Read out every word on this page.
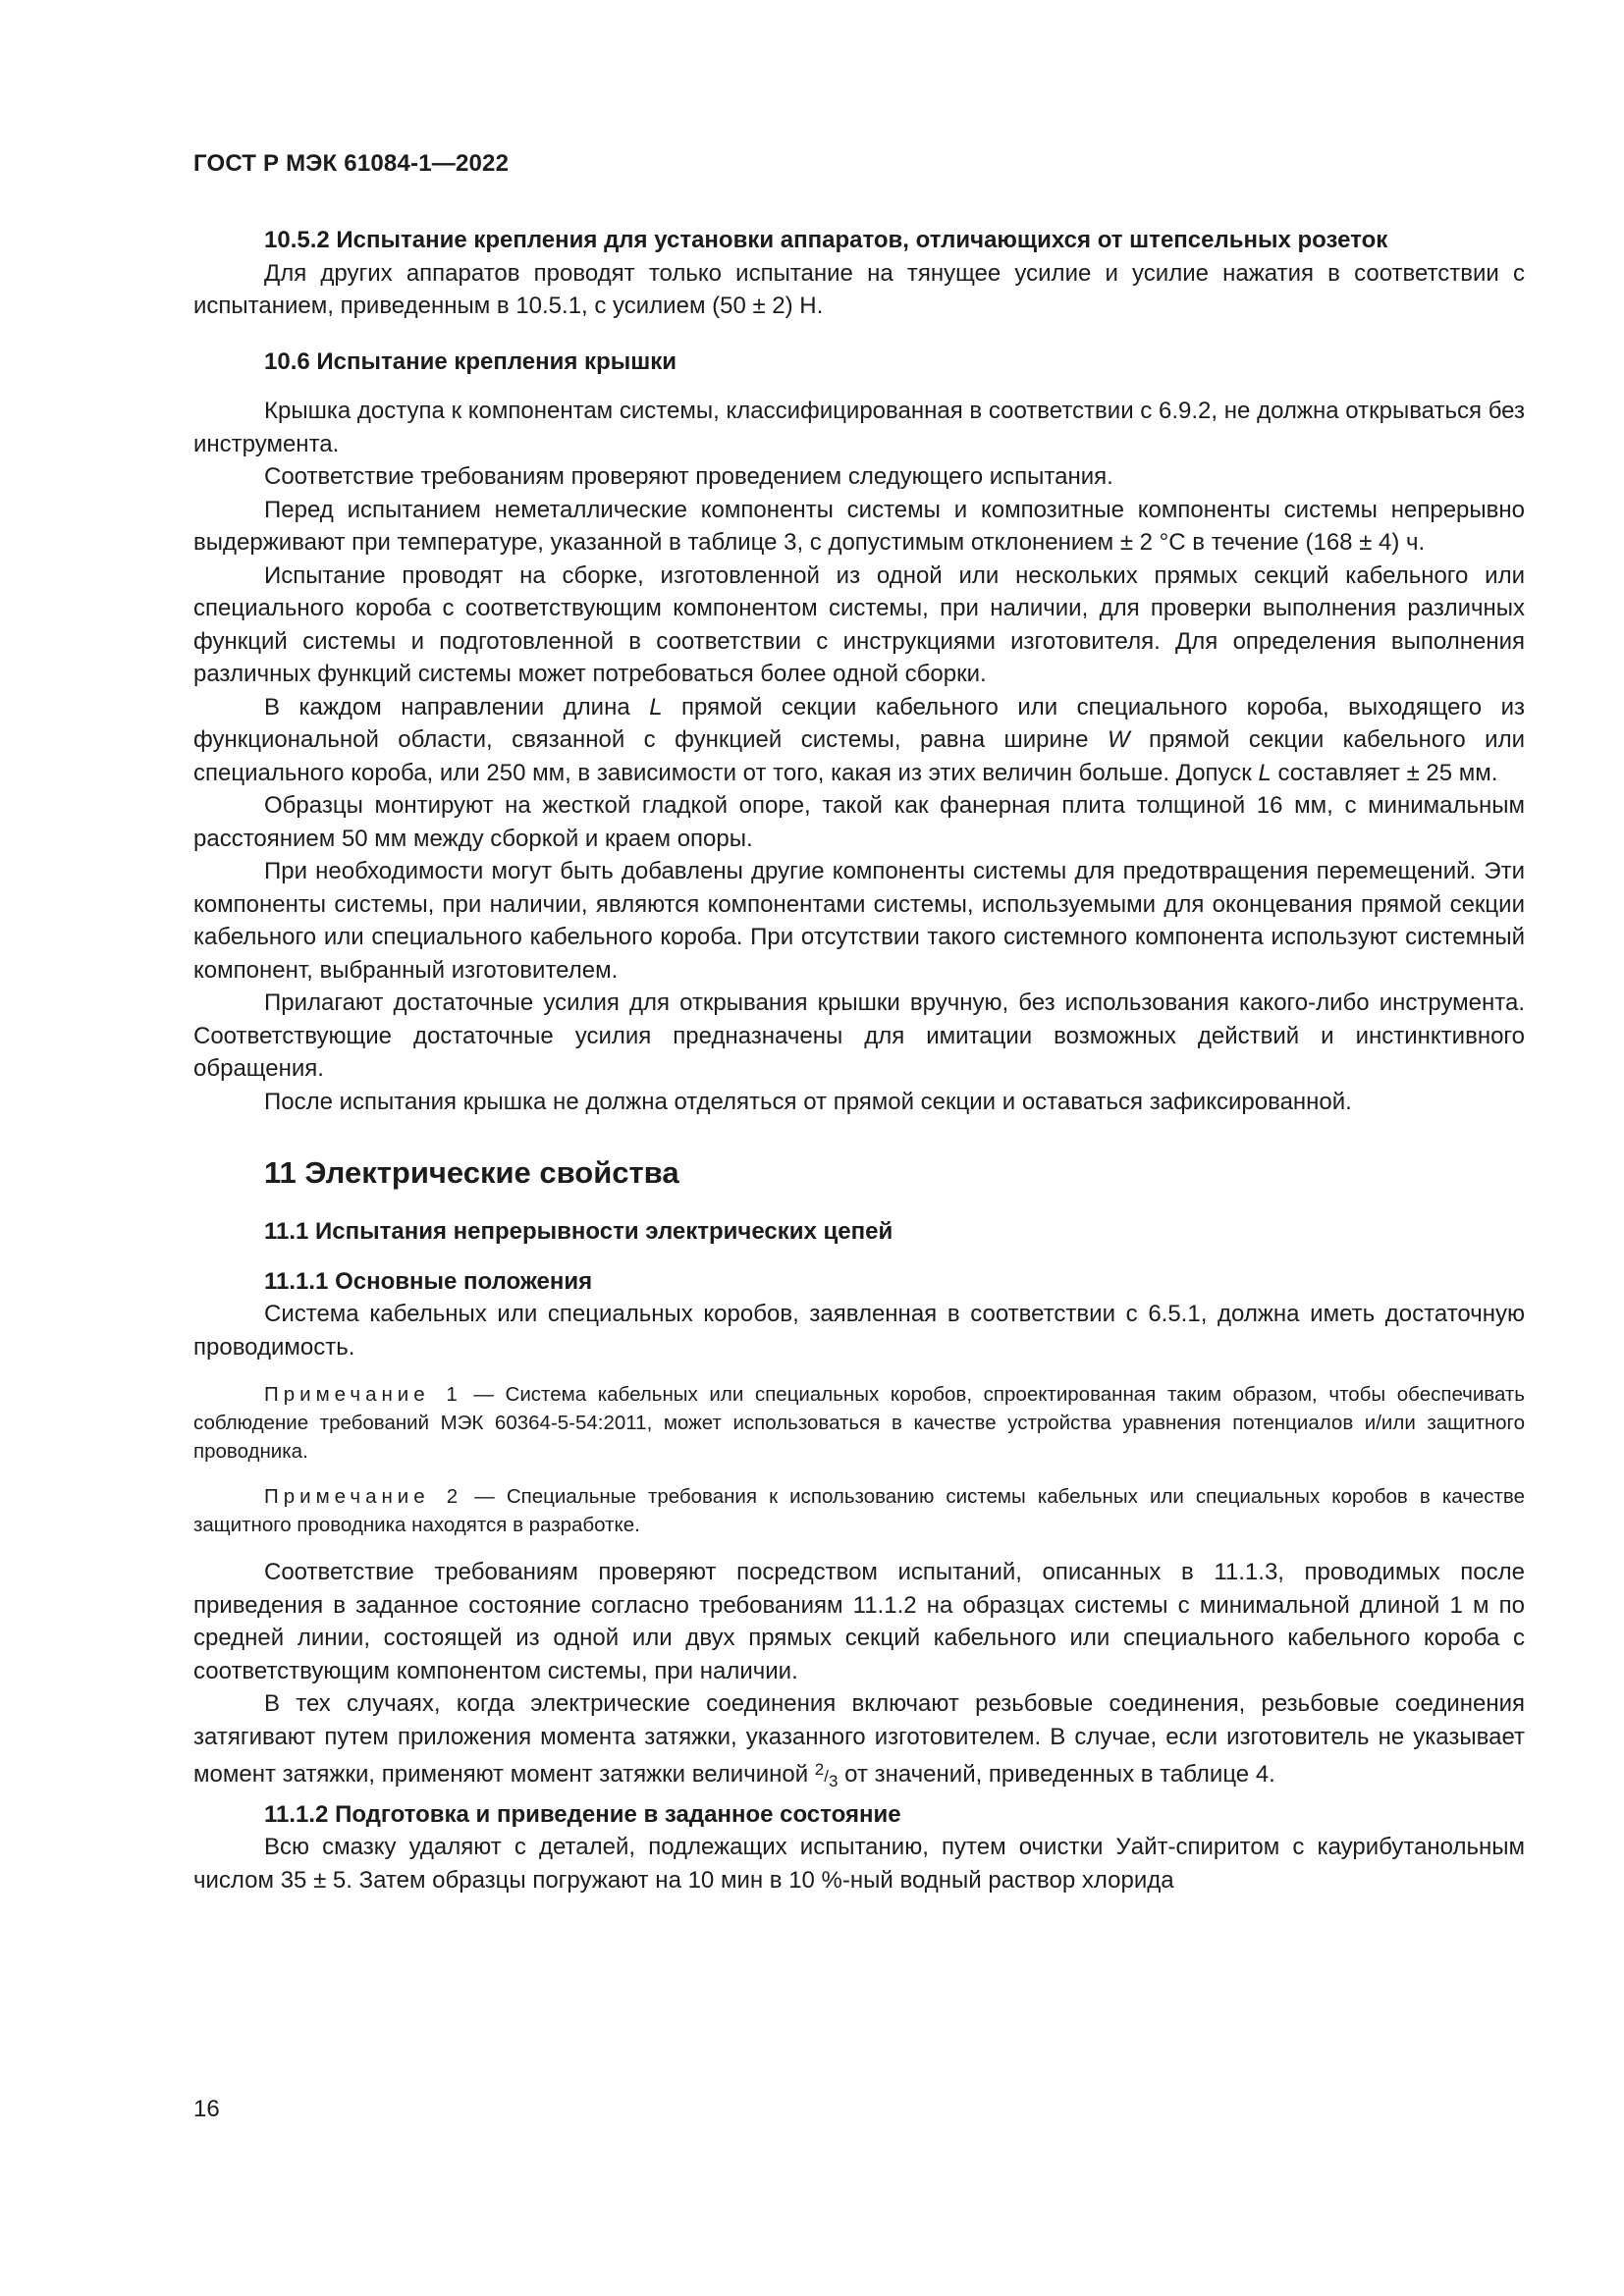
ГОСТ Р МЭК 61084-1—2022
10.5.2 Испытание крепления для установки аппаратов, отличающихся от штепсельных розеток

Для других аппаратов проводят только испытание на тянущее усилие и усилие нажатия в соответствии с испытанием, приведенным в 10.5.1, с усилием (50 ± 2) Н.

10.6 Испытание крепления крышки

Крышка доступа к компонентам системы, классифицированная в соответствии с 6.9.2, не должна открываться без инструмента.

Соответствие требованиям проверяют проведением следующего испытания.

Перед испытанием неметаллические компоненты системы и композитные компоненты системы непрерывно выдерживают при температуре, указанной в таблице 3, с допустимым отклонением ± 2 °С в течение (168 ± 4) ч.

Испытание проводят на сборке, изготовленной из одной или нескольких прямых секций кабельного или специального короба с соответствующим компонентом системы, при наличии, для проверки выполнения различных функций системы и подготовленной в соответствии с инструкциями изготовителя. Для определения выполнения различных функций системы может потребоваться более одной сборки.

В каждом направлении длина L прямой секции кабельного или специального короба, выходящего из функциональной области, связанной с функцией системы, равна ширине W прямой секции кабельного или специального короба, или 250 мм, в зависимости от того, какая из этих величин больше. Допуск L составляет ± 25 мм.

Образцы монтируют на жесткой гладкой опоре, такой как фанерная плита толщиной 16 мм, с минимальным расстоянием 50 мм между сборкой и краем опоры.

При необходимости могут быть добавлены другие компоненты системы для предотвращения перемещений. Эти компоненты системы, при наличии, являются компонентами системы, используемыми для оконцевания прямой секции кабельного или специального кабельного короба. При отсутствии такого системного компонента используют системный компонент, выбранный изготовителем.

Прилагают достаточные усилия для открывания крышки вручную, без использования какого-либо инструмента. Соответствующие достаточные усилия предназначены для имитации возможных действий и инстинктивного обращения.

После испытания крышка не должна отделяться от прямой секции и оставаться зафиксированной.

11 Электрические свойства
11.1 Испытания непрерывности электрических цепей
11.1.1 Основные положения

Система кабельных или специальных коробов, заявленная в соответствии с 6.5.1, должна иметь достаточную проводимость.

Примечание 1 — Система кабельных или специальных коробов, спроектированная таким образом, чтобы обеспечивать соблюдение требований МЭК 60364-5-54:2011, может использоваться в качестве устройства уравнения потенциалов и/или защитного проводника.

Примечание 2 — Специальные требования к использованию системы кабельных или специальных коробов в качестве защитного проводника находятся в разработке.

Соответствие требованиям проверяют посредством испытаний, описанных в 11.1.3, проводимых после приведения в заданное состояние согласно требованиям 11.1.2 на образцах системы с минимальной длиной 1 м по средней линии, состоящей из одной или двух прямых секций кабельного или специального кабельного короба с соответствующим компонентом системы, при наличии.

В тех случаях, когда электрические соединения включают резьбовые соединения, резьбовые соединения затягивают путем приложения момента затяжки, указанного изготовителем. В случае, если изготовитель не указывает момент затяжки, применяют момент затяжки величиной $^2/_3$ от значений, приведенных в таблице 4.

11.1.2 Подготовка и приведение в заданное состояние

Всю смазку удаляют с деталей, подлежащих испытанию, путем очистки Уайт-спиритом с каурибутанольным числом 35 ± 5. Затем образцы погружают на 10 мин в 10 %-ный водный раствор хлорида

16
